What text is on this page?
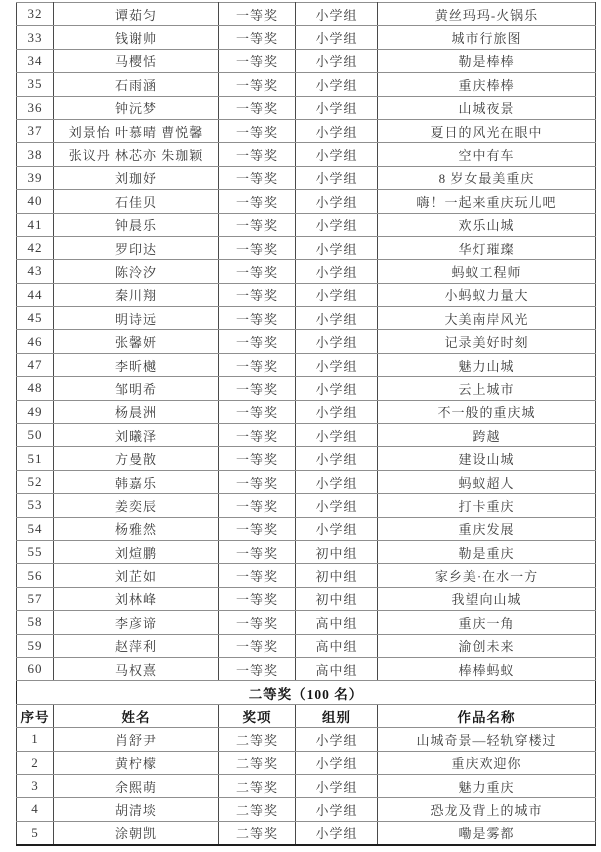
32	谭茹匀	一等奖	小学组	黄丝玛玛-火锅乐
33	钱谢帅	一等奖	小学组	城市行旅图
34	马樱恬	一等奖	小学组	勒是棒棒
35	石雨涵	一等奖	小学组	重庆棒棒
36	钟沅梦	一等奖	小学组	山城夜景
37	刘景怡 叶慕晴 曹悦馨	一等奖	小学组	夏日的风光在眼中
38	张议丹 林芯亦 朱珈颖	一等奖	小学组	空中有车
39	刘珈妤	一等奖	小学组	8 岁女最美重庆
40	石佳贝	一等奖	小学组	嗨！一起来重庆玩儿吧
41	钟晨乐	一等奖	小学组	欢乐山城
42	罗印达	一等奖	小学组	华灯璀璨
43	陈泠汐	一等奖	小学组	蚂蚁工程师
44	秦川翔	一等奖	小学组	小蚂蚁力量大
45	明诗远	一等奖	小学组	大美南岸风光
46	张馨妍	一等奖	小学组	记录美好时刻
47	李昕樾	一等奖	小学组	魅力山城
48	邹明希	一等奖	小学组	云上城市
49	杨晨洲	一等奖	小学组	不一般的重庆城
50	刘曦泽	一等奖	小学组	跨越
51	方曼散	一等奖	小学组	建设山城
52	韩嘉乐	一等奖	小学组	蚂蚁超人
53	姜奕辰	一等奖	小学组	打卡重庆
54	杨雅然	一等奖	小学组	重庆发展
55	刘煊鹏	一等奖	初中组	勒是重庆
56	刘芷如	一等奖	初中组	家乡美·在水一方
57	刘林峰	一等奖	初中组	我望向山城
58	李彦谛	一等奖	高中组	重庆一角
59	赵萍利	一等奖	高中组	渝创未来
60	马权熹	一等奖	高中组	棒棒蚂蚁
二等奖（100 名）				
序号	姓名	奖项	组别	作品名称
1	肖舒尹	二等奖	小学组	山城奇景—轻轨穿楼过
2	黄柠檬	二等奖	小学组	重庆欢迎你
3	余熙萌	二等奖	小学组	魅力重庆
4	胡清埮	二等奖	小学组	恐龙及背上的城市
5	涂朝凯	二等奖	小学组	嘞是雾都
